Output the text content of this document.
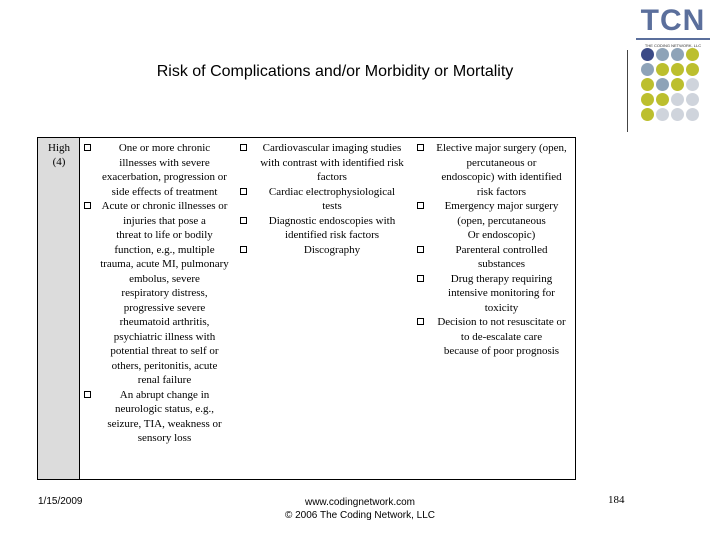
TCN
THE CODING NETWORK, LLC
Risk of Complications and/or Morbidity or Mortality
High
(4)
One or more chronic
illnesses with severe
exacerbation, progression or
side effects of treatment
Acute or chronic illnesses or
injuries that pose a
threat to life or bodily
function, e.g., multiple
trauma, acute MI, pulmonary
embolus, severe
respiratory distress,
progressive severe
rheumatoid arthritis,
psychiatric illness with
potential threat to self or
others, peritonitis, acute
renal failure
An abrupt change in
neurologic status, e.g.,
seizure, TIA, weakness or
sensory loss
Cardiovascular imaging studies
with contrast with identified risk
factors
Cardiac electrophysiological
tests
Diagnostic endoscopies with
identified risk factors
Discography
Elective major surgery (open,
percutaneous or
endoscopic) with identified
risk factors
Emergency major surgery
(open, percutaneous
Or endoscopic)
Parenteral controlled
substances
Drug therapy requiring
intensive monitoring for
toxicity
Decision to not resuscitate or
to de-escalate care
because of poor prognosis
1/15/2009	www.codingnetwork.com
© 2006 The Coding Network, LLC
184
